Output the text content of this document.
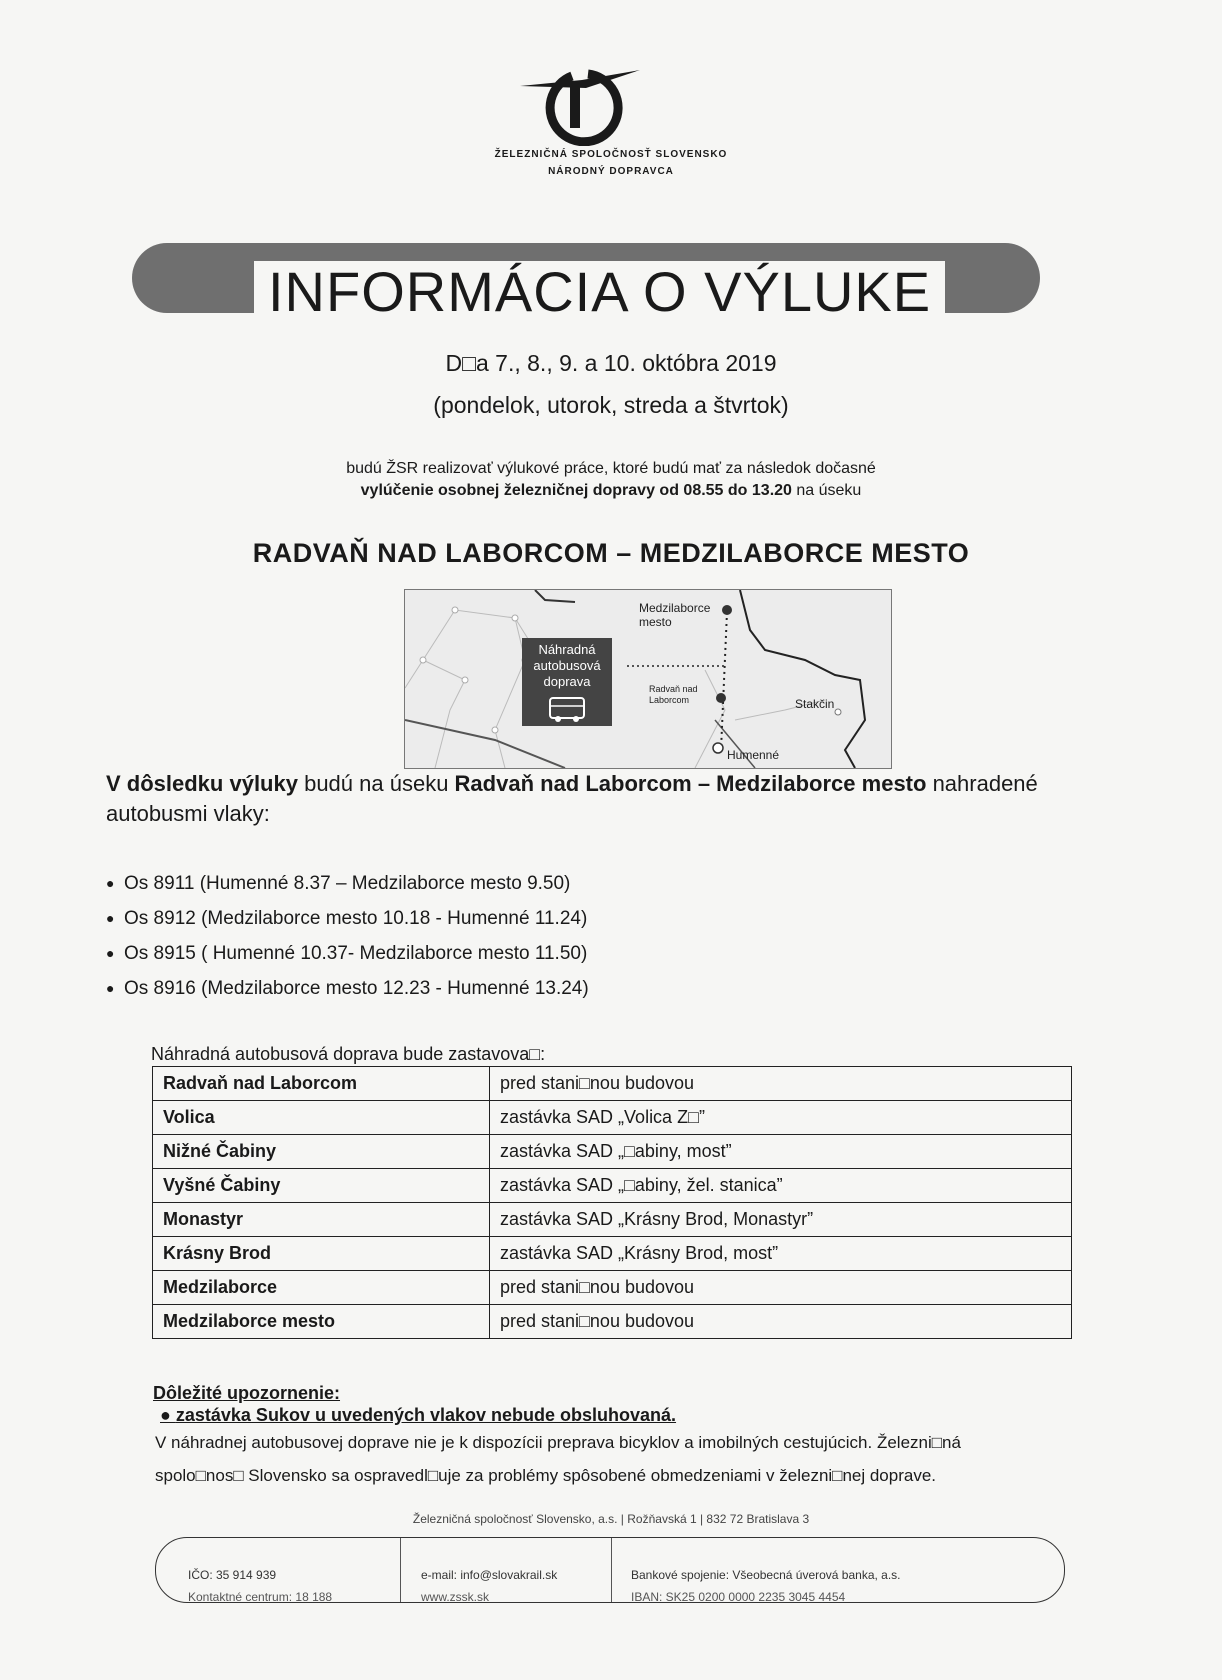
ŽELEZNIČNÁ SPOLOČNOSŤ SLOVENSKO
NÁRODNÝ DOPRAVCA
INFORMÁCIA O VÝLUKE
D□a 7., 8., 9. a 10. októbra 2019
(pondelok, utorok, streda a štvrtok)
budú ŽSR realizovať výlukové práce, ktoré budú mať za následok dočasné
vylúčenie osobnej železničnej dopravy od 08.55 do 13.20 na úseku
RADVAŇ NAD LABORCOM – MEDZILABORCE MESTO
Náhradná
autobusová
doprava
Medzilaborce
mesto
Radvaň nad
Laborcom	Stakčin
Humenné
V dôsledku výluky budú na úseku Radvaň nad Laborcom – Medzilaborce mesto nahradené
autobusmi vlaky:
● Os 8911 (Humenné 8.37 – Medzilaborce mesto 9.50)
● Os 8912 (Medzilaborce mesto 10.18 - Humenné 11.24)
● Os 8915 ( Humenné 10.37- Medzilaborce mesto 11.50)
● Os 8916 (Medzilaborce mesto 12.23 - Humenné 13.24)
Náhradná autobusová doprava bude zastavova□:
Radvaň nad Laborcom	pred stani□nou budovou
Volica	zastávka SAD „Volica Z□”
Nižné Čabiny	zastávka SAD „□abiny, most”
Vyšné Čabiny	zastávka SAD „□abiny, žel. stanica”
Monastyr	zastávka SAD „Krásny Brod, Monastyr”
Krásny Brod	zastávka SAD „Krásny Brod, most”
Medzilaborce	pred stani□nou budovou
Medzilaborce mesto	pred stani□nou budovou
Dôležité upozornenie:
● zastávka Sukov u uvedených vlakov nebude obsluhovaná.
V náhradnej autobusovej doprave nie je k dispozícii preprava bicyklov a imobilných cestujúcich. Železni□ná
spolo□nos□ Slovensko sa ospravedl□uje za problémy spôsobené obmedzeniami v železni□nej doprave.
Železničná spoločnosť Slovensko, a.s. | Rožňavská 1 | 832 72 Bratislava 3
IČO: 35 914 939
Kontaktné centrum: 18 188
e-mail: info@slovakrail.sk
www.zssk.sk
Bankové spojenie: Všeobecná úverová banka, a.s.
IBAN: SK25 0200 0000 2235 3045 4454
